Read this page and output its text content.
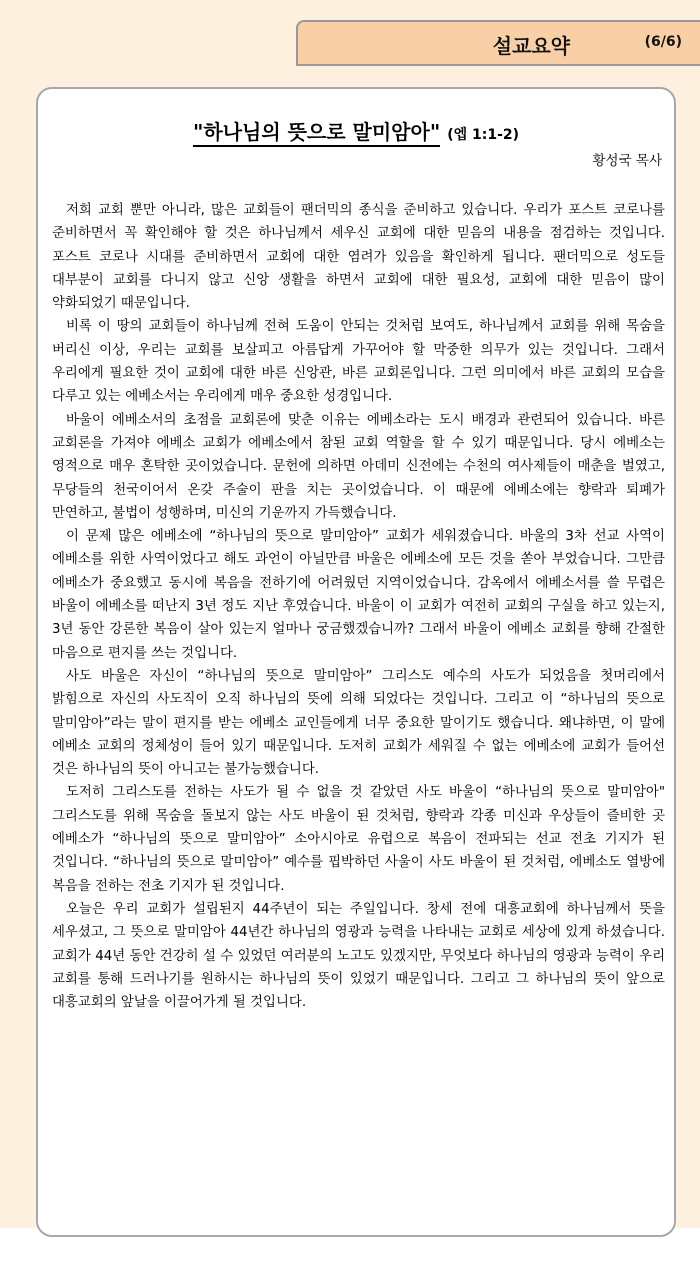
설교요약	(6/6)
"하나님의 뜻으로 말미암아" (엡 1:1-2)
황성국 목사

저희 교회 뿐만 아니라, 많은 교회들이 팬더믹의 종식을 준비하고 있습니다. 우리가 포스트 코로나를 준비하면서 꼭 확인해야 할 것은 하나님께서 세우신 교회에 대한 믿음의 내용을 점검하는 것입니다. 포스트 코로나 시대를 준비하면서 교회에 대한 염려가 있음을 확인하게 됩니다. 팬더믹으로 성도들 대부분이 교회를 다니지 않고 신앙 생활을 하면서 교회에 대한 필요성, 교회에 대한 믿음이 많이 약화되었기 때문입니다.

비록 이 땅의 교회들이 하나님께 전혀 도움이 안되는 것처럼 보여도, 하나님께서 교회를 위해 목숨을 버리신 이상, 우리는 교회를 보살피고 아름답게 가꾸어야 할 막중한 의무가 있는 것입니다. 그래서 우리에게 필요한 것이 교회에 대한 바른 신앙관, 바른 교회론입니다. 그런 의미에서 바른 교회의 모습을 다루고 있는 에베소서는 우리에게 매우 중요한 성경입니다.

바울이 에베소서의 초점을 교회론에 맞춘 이유는 에베소라는 도시 배경과 관련되어 있습니다. 바른 교회론을 가져야 에베소 교회가 에베소에서 참된 교회 역할을 할 수 있기 때문입니다. 당시 에베소는 영적으로 매우 혼탁한 곳이었습니다. 문헌에 의하면 아데미 신전에는 수천의 여사제들이 매춘을 벌였고, 무당들의 천국이어서 온갖 주술이 판을 치는 곳이었습니다. 이 때문에 에베소에는 향락과 퇴폐가 만연하고, 불법이 성행하며, 미신의 기운까지 가득했습니다.

이 문제 많은 에베소에 “하나님의 뜻으로 말미암아” 교회가 세워졌습니다. 바울의 3차 선교 사역이 에베소를 위한 사역이었다고 해도 과언이 아닐만큼 바울은 에베소에 모든 것을 쏟아 부었습니다. 그만큼 에베소가 중요했고 동시에 복음을 전하기에 어려웠던 지역이었습니다. 감옥에서 에베소서를 쓸 무렵은 바울이 에베소를 떠난지 3년 정도 지난 후였습니다. 바울이 이 교회가 여전히 교회의 구실을 하고 있는지, 3년 동안 강론한 복음이 살아 있는지 얼마나 궁금했겠습니까? 그래서 바울이 에베소 교회를 향해 간절한 마음으로 편지를 쓰는 것입니다.

사도 바울은 자신이 “하나님의 뜻으로 말미암아” 그리스도 예수의 사도가 되었음을 첫머리에서 밝힘으로 자신의 사도직이 오직 하나님의 뜻에 의해 되었다는 것입니다. 그리고 이 “하나님의 뜻으로 말미암아”라는 말이 편지를 받는 에베소 교인들에게 너무 중요한 말이기도 했습니다. 왜냐하면, 이 말에 에베소 교회의 정체성이 들어 있기 때문입니다. 도저히 교회가 세워질 수 없는 에베소에 교회가 들어선 것은 하나님의 뜻이 아니고는 불가능했습니다.

도저히 그리스도를 전하는 사도가 될 수 없을 것 같았던 사도 바울이 “하나님의 뜻으로 말미암아" 그리스도를 위해 목숨을 돌보지 않는 사도 바울이 된 것처럼, 향락과 각종 미신과 우상들이 즐비한 곳 에베소가 “하나님의 뜻으로 말미암아” 소아시아로 유럽으로 복음이 전파되는 선교 전초 기지가 된 것입니다. “하나님의 뜻으로 말미암아” 예수를 핍박하던 사울이 사도 바울이 된 것처럼, 에베소도 열방에 복음을 전하는 전초 기지가 된 것입니다.

오늘은 우리 교회가 설립된지 44주년이 되는 주일입니다. 창세 전에 대흥교회에 하나님께서 뜻을 세우셨고, 그 뜻으로 말미암아 44년간 하나님의 영광과 능력을 나타내는 교회로 세상에 있게 하셨습니다. 교회가 44년 동안 건강히 설 수 있었던 여러분의 노고도 있겠지만, 무엇보다 하나님의 영광과 능력이 우리 교회를 통해 드러나기를 원하시는 하나님의 뜻이 있었기 때문입니다. 그리고 그 하나님의 뜻이 앞으로 대흥교회의 앞날을 이끌어가게 될 것입니다.
